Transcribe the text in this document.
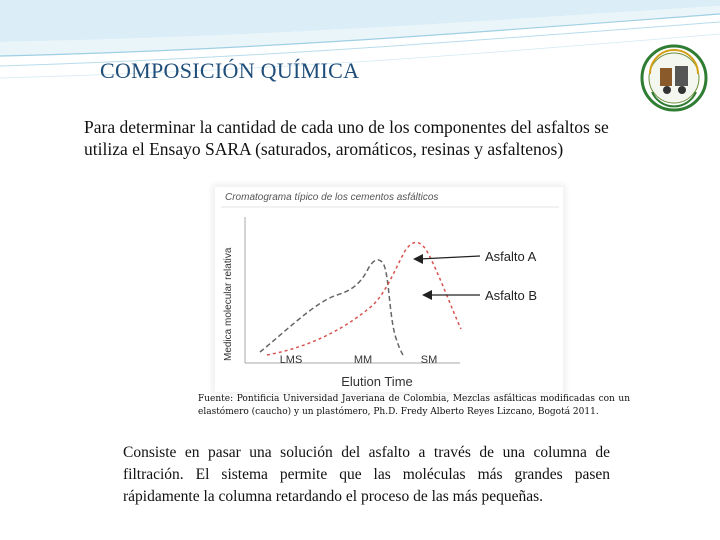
COMPOSICIÓN QUÍMICA

Para determinar la cantidad de cada uno de los componentes del asfaltos se utiliza el Ensayo SARA (saturados, aromáticos, resinas y asfaltenos)

Cromatograma típico de los cementos asfálticos
Medica molecular relativa	LMS	MM	SM
Elution Time
Asfalto A
Asfalto B

Fuente: Pontificia Universidad Javeriana de Colombia, Mezclas asfálticas modificadas con un elastómero (caucho) y un plastómero, Ph.D. Fredy Alberto Reyes Lizcano, Bogotá 2011.

Consiste en pasar una solución del asfalto a través de una columna de filtración. El sistema permite que las moléculas más grandes pasen rápidamente la columna retardando el proceso de las más pequeñas.
